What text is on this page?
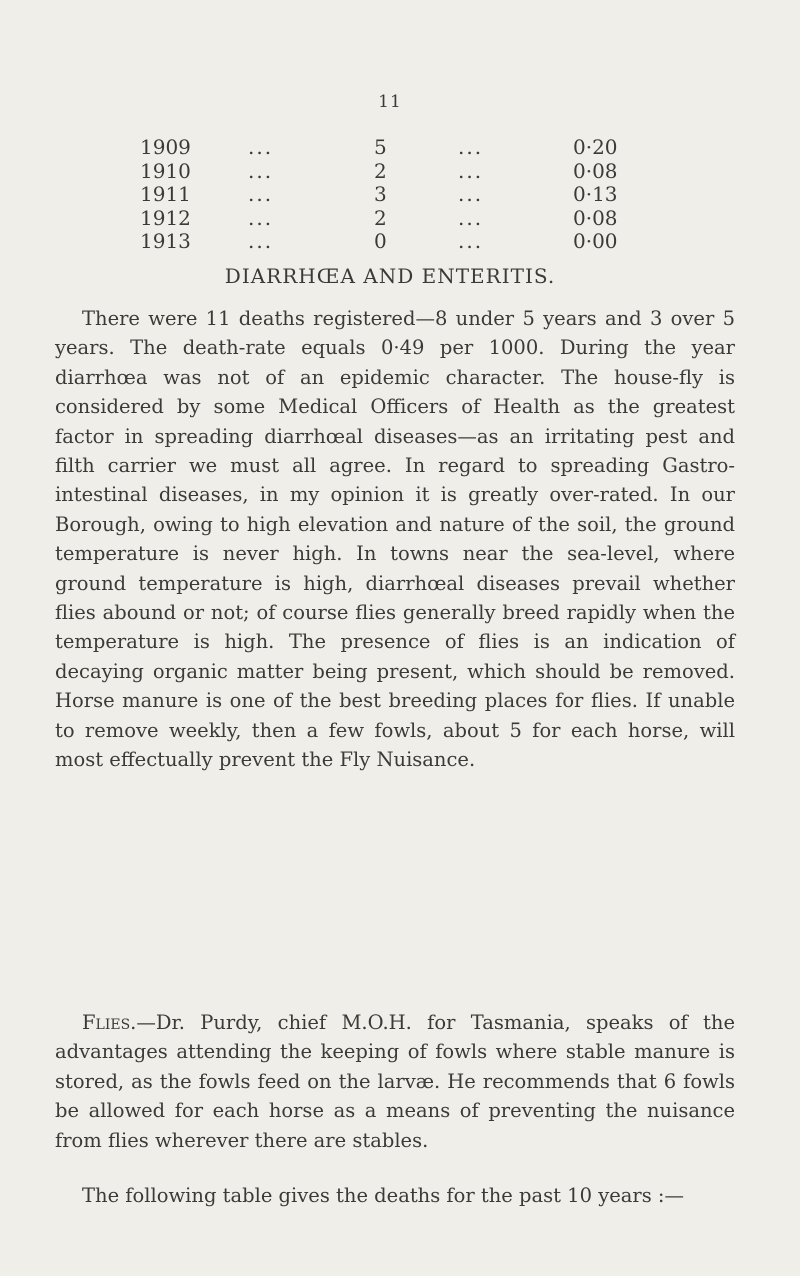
11
1909	...	5	...	0·20
1910	...	2	...	0·08
1911	...	3	...	0·13
1912	...	2	...	0·08
1913	...	0	...	0·00
DIARRHŒA AND ENTERITIS.

There were 11 deaths registered—8 under 5 years and 3 over 5 years. The death-rate equals 0·49 per 1000. During the year diarrhœa was not of an epidemic character. The house-fly is considered by some Medical Officers of Health as the greatest factor in spreading diarrhœal diseases—as an irritating pest and filth carrier we must all agree. In regard to spreading Gastro-intestinal diseases, in my opinion it is greatly over-rated. In our Borough, owing to high elevation and nature of the soil, the ground temperature is never high. In towns near the sea-level, where ground temperature is high, diarrhœal diseases prevail whether flies abound or not; of course flies generally breed rapidly when the temperature is high. The presence of flies is an indication of decaying organic matter being present, which should be removed. Horse manure is one of the best breeding places for flies. If unable to remove weekly, then a few fowls, about 5 for each horse, will most effectually prevent the Fly Nuisance.

Flies.—Dr. Purdy, chief M.O.H. for Tasmania, speaks of the advantages attending the keeping of fowls where stable manure is stored, as the fowls feed on the larvæ. He recommends that 6 fowls be allowed for each horse as a means of preventing the nuisance from flies wherever there are stables.

The following table gives the deaths for the past 10 years :—
